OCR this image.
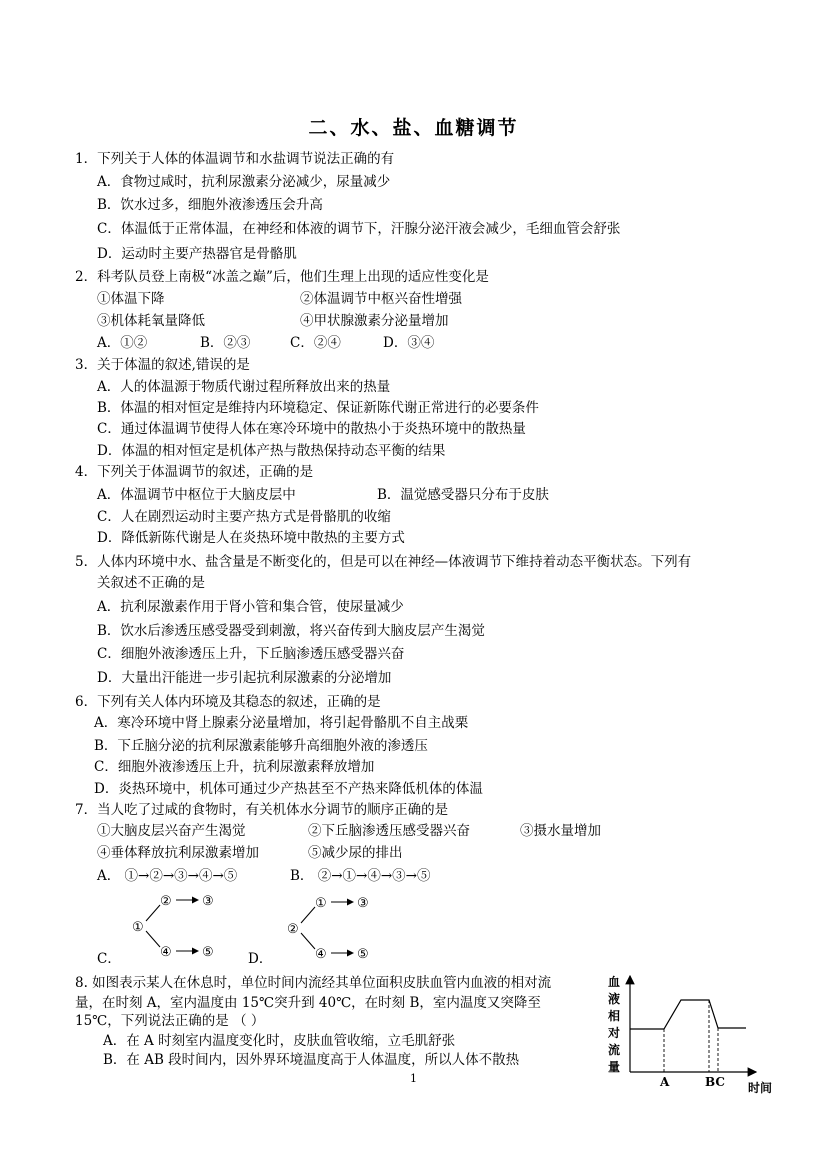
二、水、盐、血糖调节
1．下列关于人体的体温调节和水盐调节说法正确的有
A．食物过咸时，抗利尿激素分泌减少，尿量减少
B．饮水过多，细胞外液渗透压会升高
C．体温低于正常体温，在神经和体液的调节下，汗腺分泌汗液会减少，毛细血管会舒张
D．运动时主要产热器官是骨骼肌
2．科考队员登上南极“冰盖之巅”后，他们生理上出现的适应性变化是
①体温下降	②体温调节中枢兴奋性增强
③机体耗氧量降低	④甲状腺激素分泌量增加
A．①②	B．②③	C．②④	D．③④
3．关于体温的叙述,错误的是
A．人的体温源于物质代谢过程所释放出来的热量
B．体温的相对恒定是维持内环境稳定、保证新陈代谢正常进行的必要条件
C．通过体温调节使得人体在寒冷环境中的散热小于炎热环境中的散热量
D．体温的相对恒定是机体产热与散热保持动态平衡的结果
4．下列关于体温调节的叙述，正确的是
A．体温调节中枢位于大脑皮层中	B．温觉感受器只分布于皮肤
C．人在剧烈运动时主要产热方式是骨骼肌的收缩
D．降低新陈代谢是人在炎热环境中散热的主要方式
5．人体内环境中水、盐含量是不断变化的，但是可以在神经—体液调节下维持着动态平衡状态。下列有
关叙述不正确的是
A．抗利尿激素作用于肾小管和集合管，使尿量减少
B．饮水后渗透压感受器受到刺激，将兴奋传到大脑皮层产生渴觉
C．细胞外液渗透压上升，下丘脑渗透压感受器兴奋
D．大量出汗能进一步引起抗利尿激素的分泌增加
6．下列有关人体内环境及其稳态的叙述，正确的是
A．寒冷环境中肾上腺素分泌量增加，将引起骨骼肌不自主战栗
B．下丘脑分泌的抗利尿激素能够升高细胞外液的渗透压
C．细胞外液渗透压上升，抗利尿激素释放增加
D．炎热环境中，机体可通过少产热甚至不产热来降低机体的体温
7．当人吃了过咸的食物时，有关机体水分调节的顺序正确的是
①大脑皮层兴奋产生渴觉	②下丘脑渗透压感受器兴奋	③摄水量增加
④垂体释放抗利尿激素增加	⑤减少尿的排出
A． ①→②→③→④→⑤	B． ②→①→④→③→⑤
①
② ③
④ ⑤
C．
②
① ③
④ ⑤
D．
8. 如图表示某人在休息时，单位时间内流经其单位面积皮肤血管内血液的相对流
量，在时刻 A，室内温度由 15℃突升到 40℃，在时刻 B，室内温度又突降至
15℃，下列说法正确的是 （ ）
A．在 A 时刻室内温度变化时，皮肤血管收缩，立毛肌舒张
B．在 AB 段时间内，因外界环境温度高于人体温度，所以人体不散热
血
液
相
对
流
量
A	BC 时间
1
